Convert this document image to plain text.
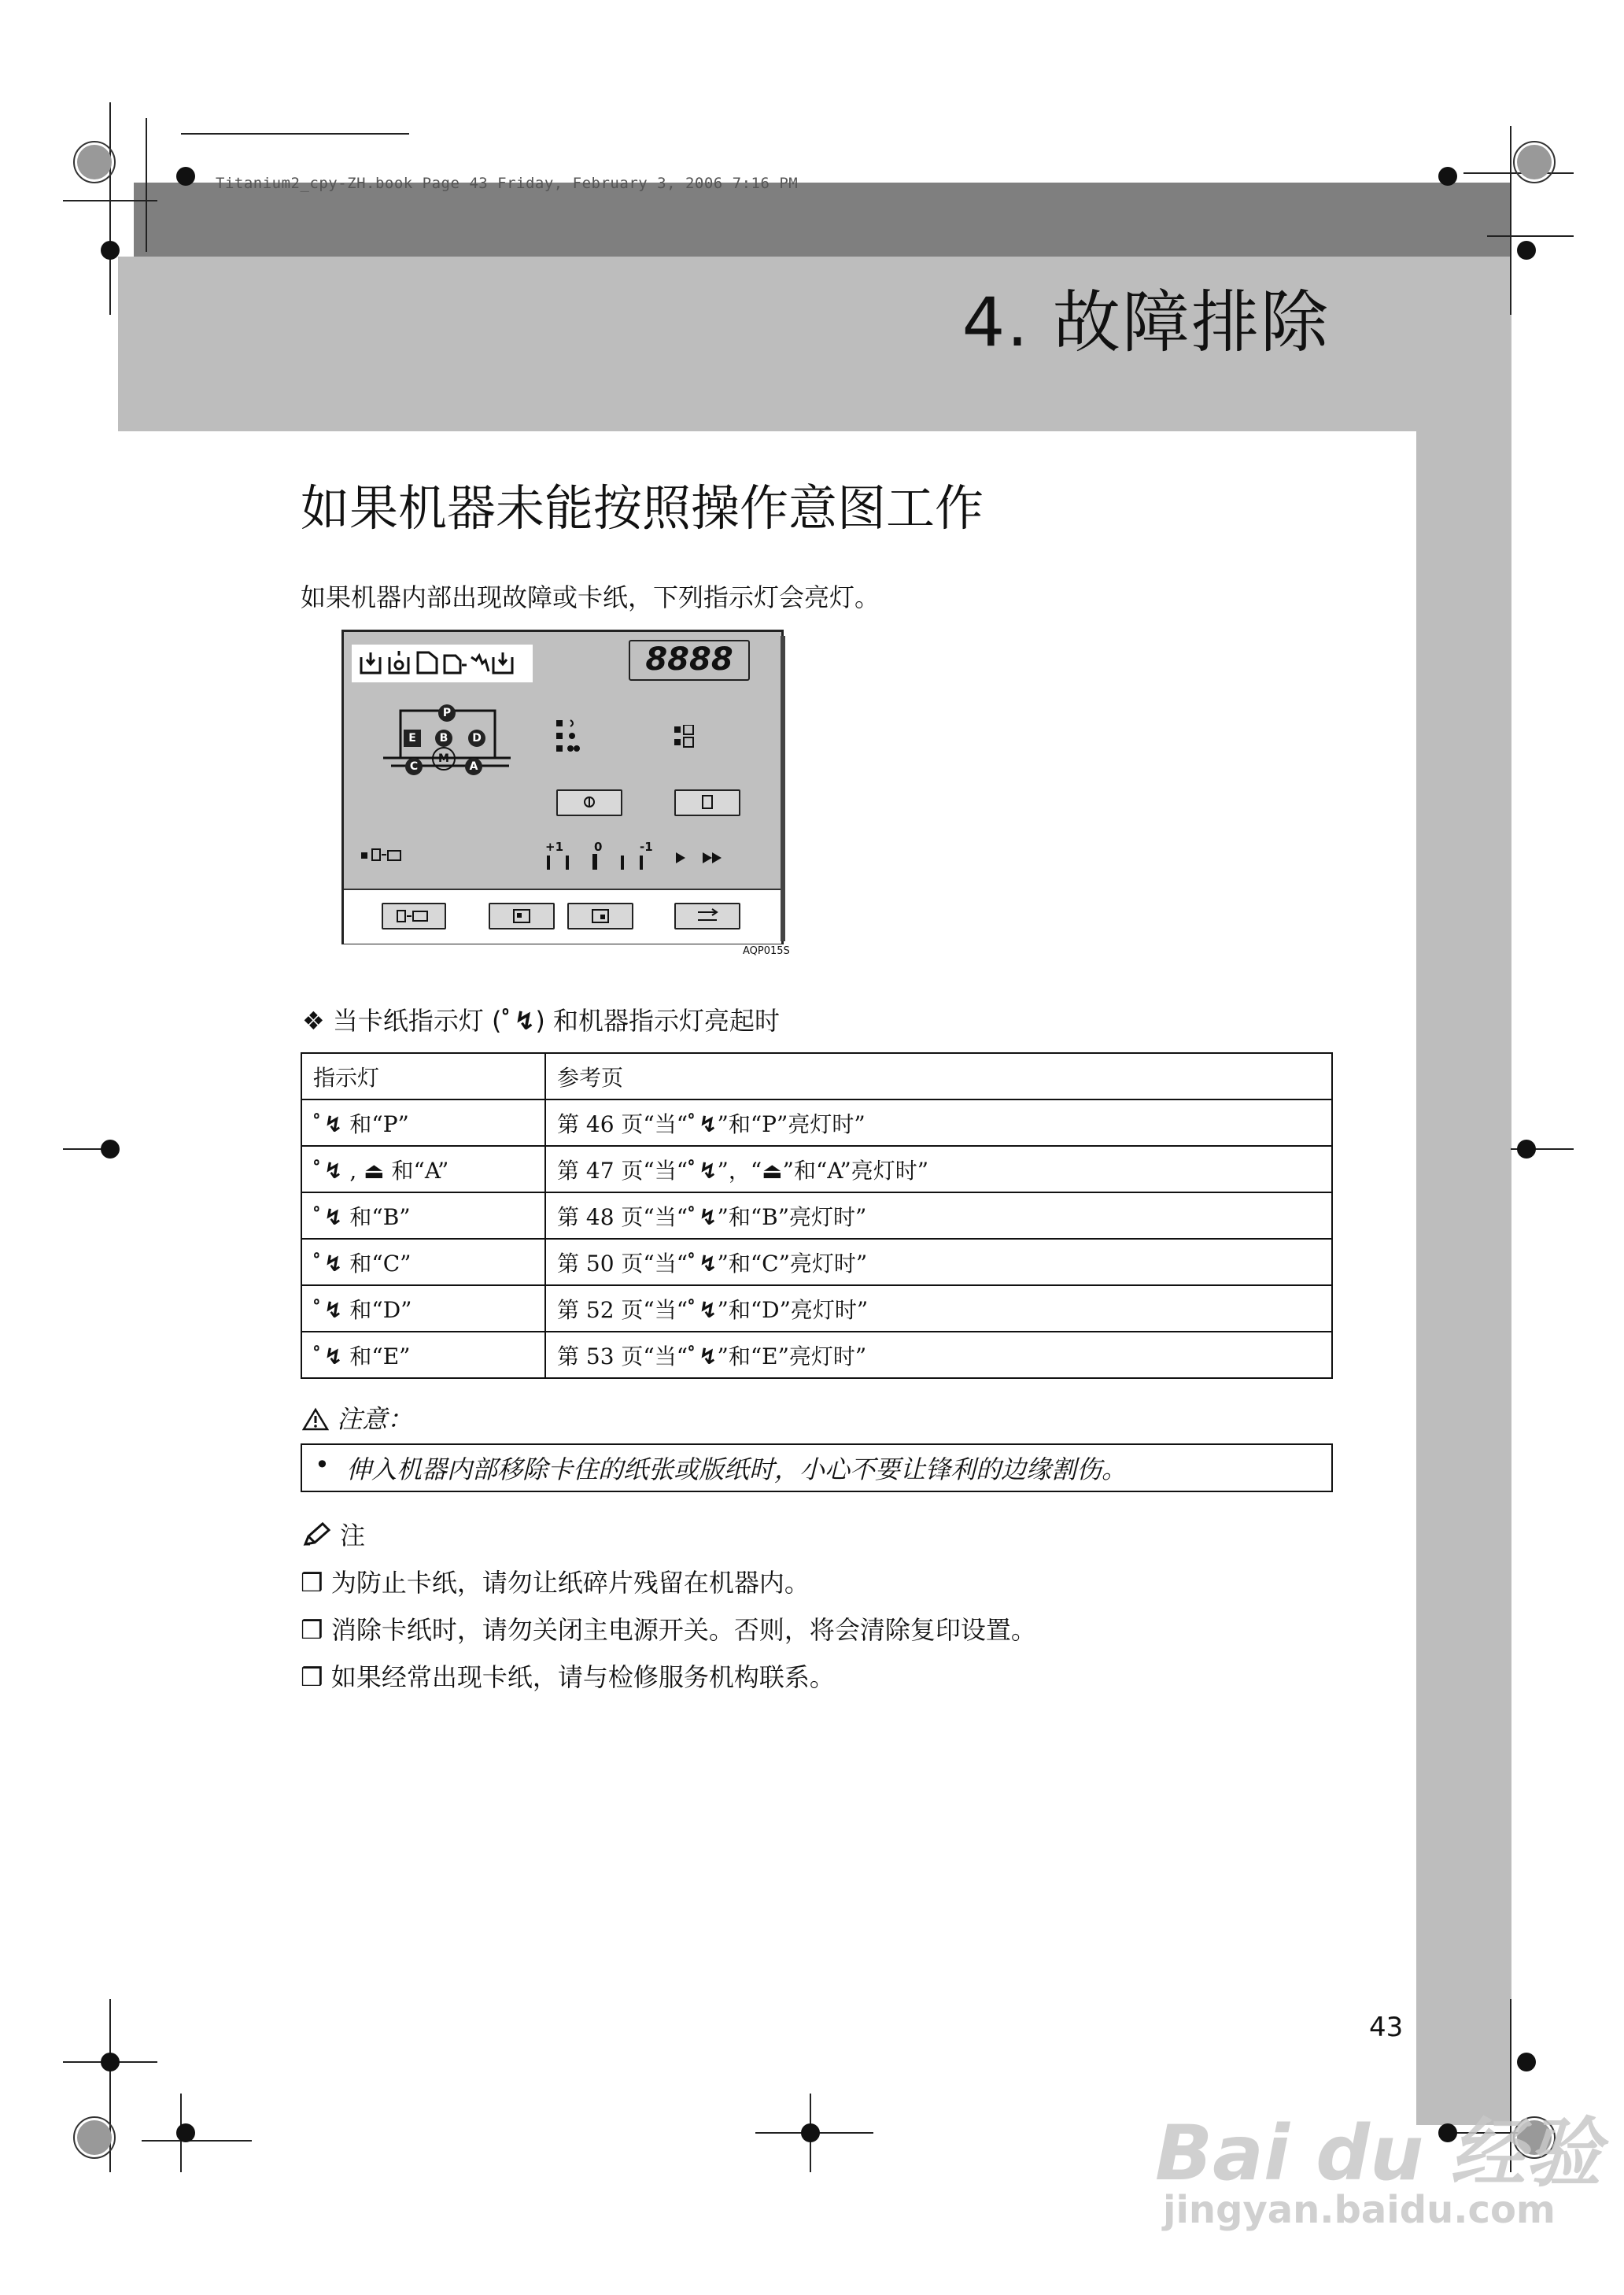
Titanium2_cpy-ZH.book Page 43 Friday, February 3, 2006 7:16 PM
4. 故障排除
如果机器未能按照操作意图工作
如果机器内部出现故障或卡纸，下列指示灯会亮灯。
8888
P
E	B	D
M
C	A
+1	0	-1
AQP015S
❖ 当卡纸指示灯 (ﾟ↯) 和机器指示灯亮起时
指示灯	参考页
ﾟ↯ 和“P”	第 46 页“当“ﾟ↯”和“P”亮灯时”
ﾟ↯ , ⏏ 和“A”	第 47 页“当“ﾟ↯”，“⏏”和“A”亮灯时”
ﾟ↯ 和“B”	第 48 页“当“ﾟ↯”和“B”亮灯时”
ﾟ↯ 和“C”	第 50 页“当“ﾟ↯”和“C”亮灯时”
ﾟ↯ 和“D”	第 52 页“当“ﾟ↯”和“D”亮灯时”
ﾟ↯ 和“E”	第 53 页“当“ﾟ↯”和“E”亮灯时”
注意：
• 伸入机器内部移除卡住的纸张或版纸时，小心不要让锋利的边缘割伤。
注
❒ 为防止卡纸，请勿让纸碎片残留在机器内。
❒ 消除卡纸时，请勿关闭主电源开关。否则，将会清除复印设置。
❒ 如果经常出现卡纸，请与检修服务机构联系。
43
Bai du 经验
jingyan.baidu.com
